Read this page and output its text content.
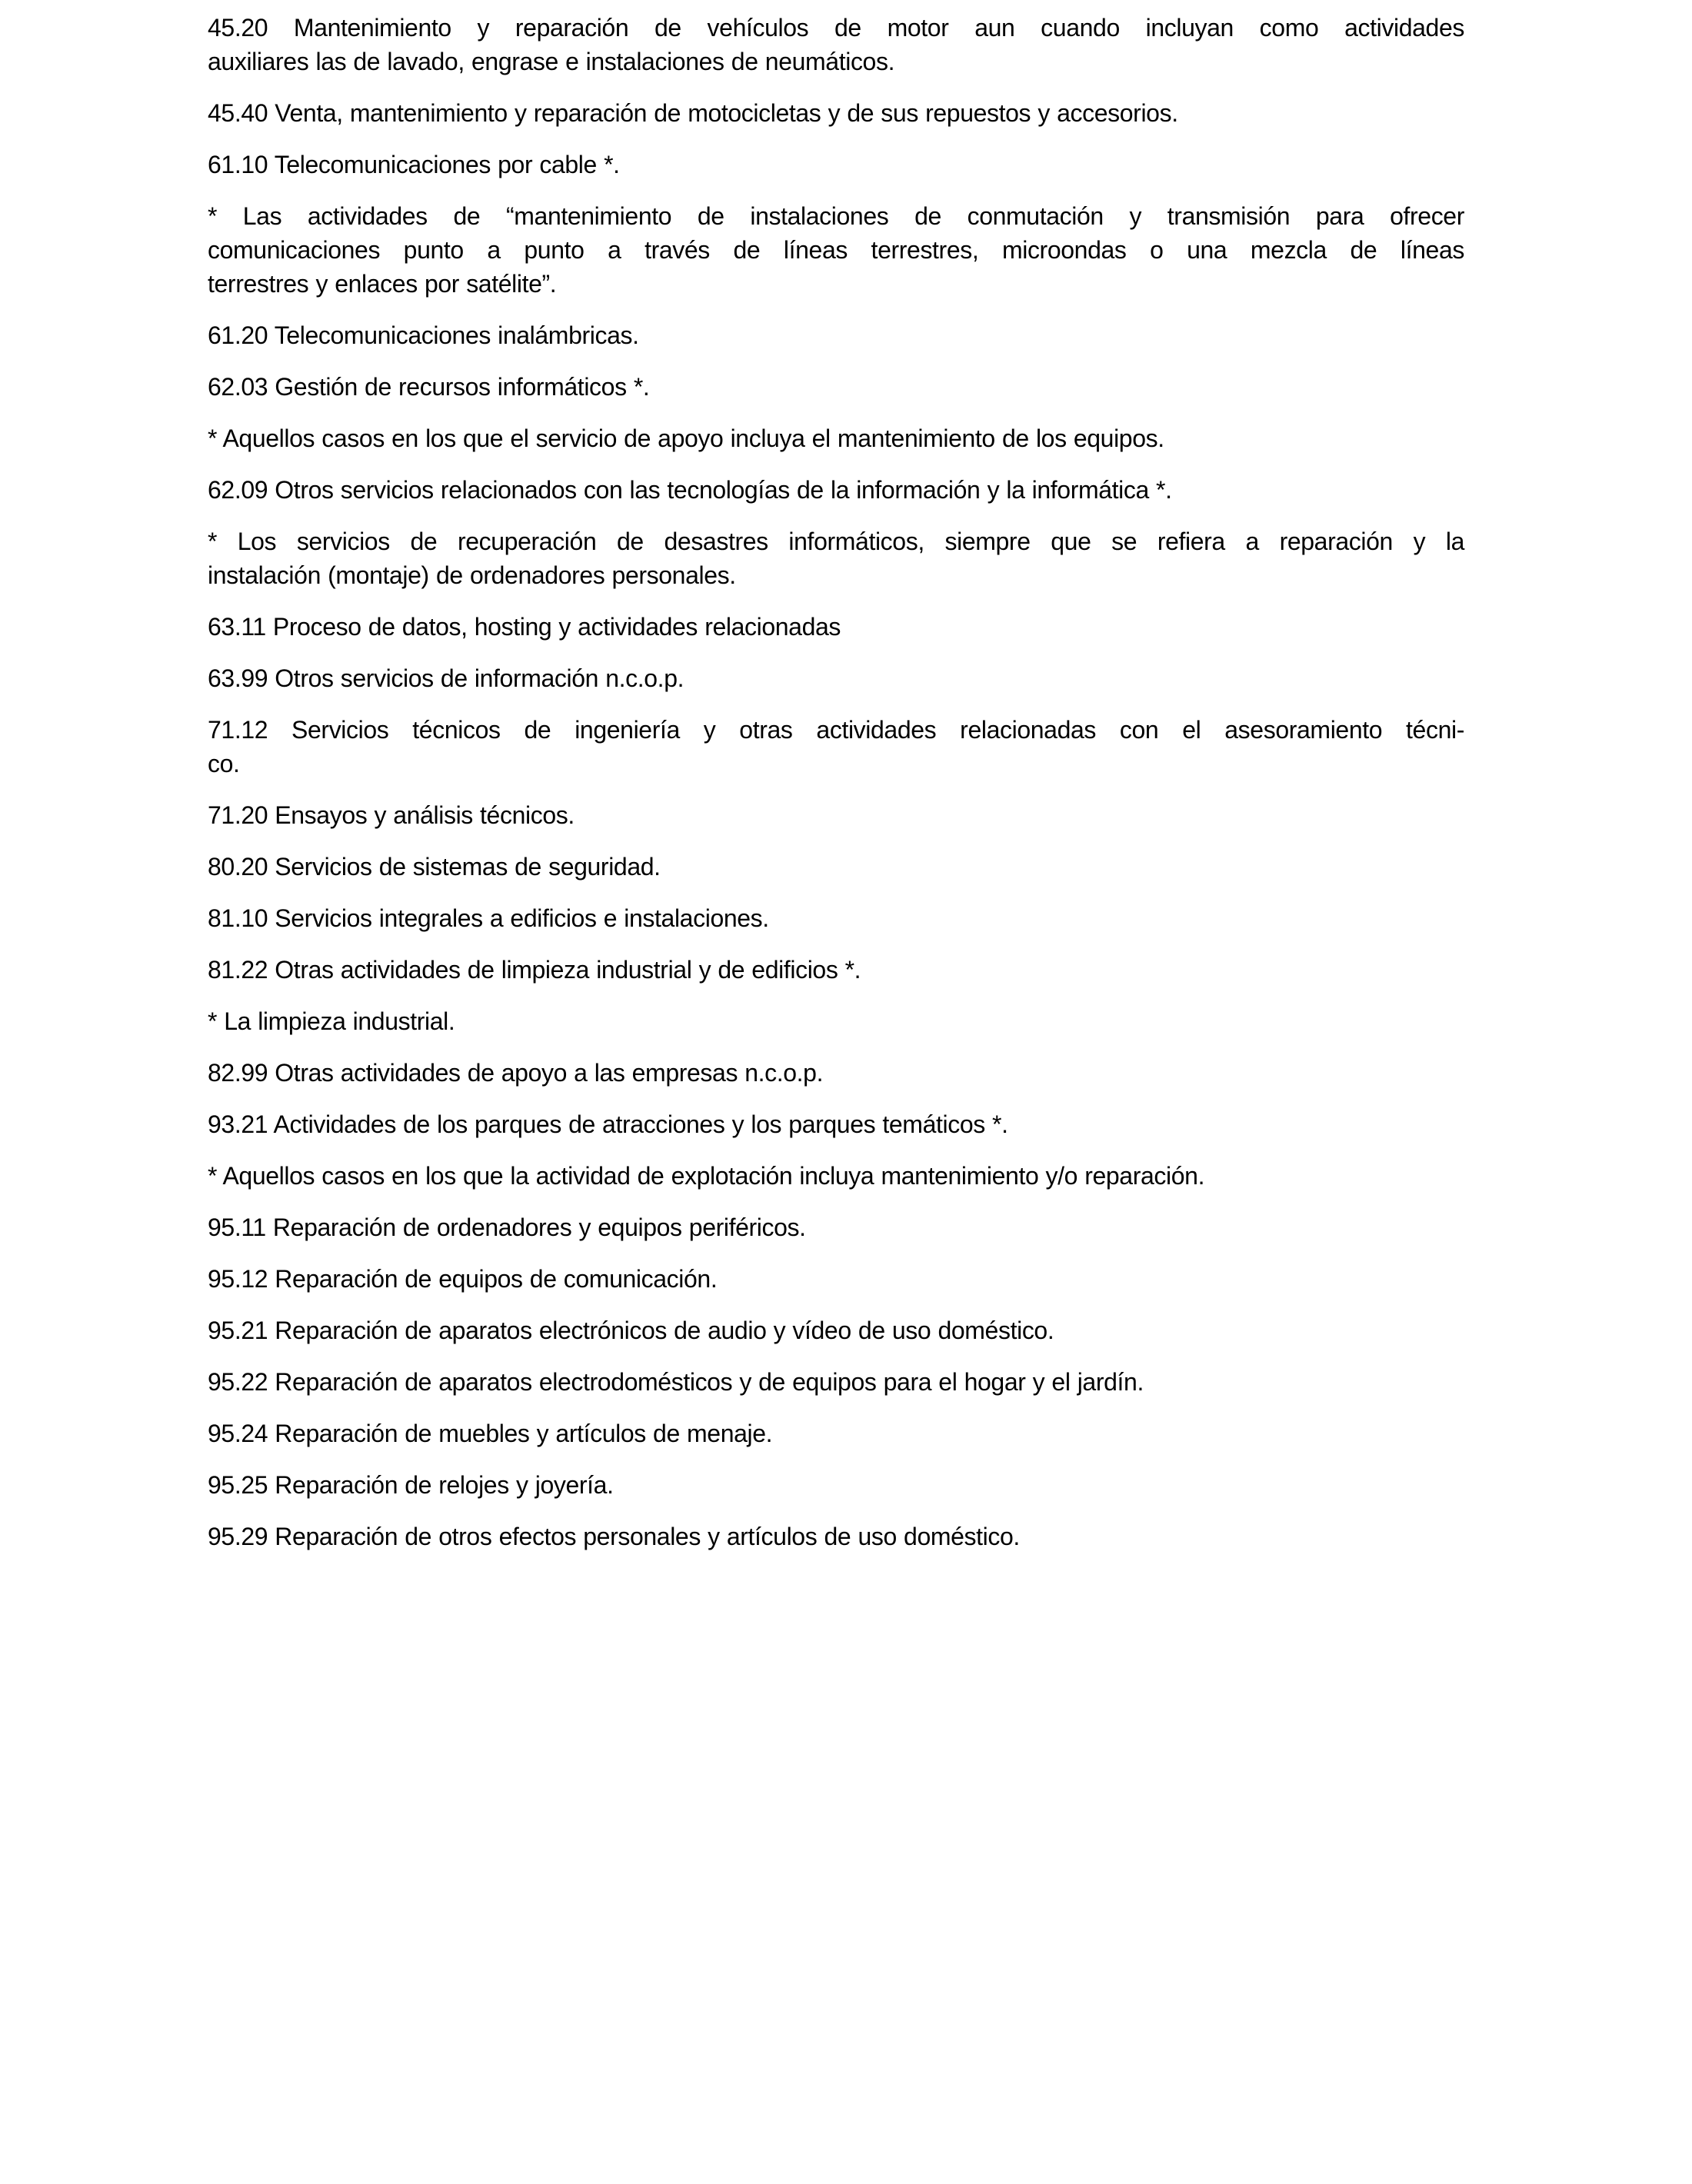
45.20 Mantenimiento y reparación de vehículos de motor aun cuando incluyan como actividades
auxiliares las de lavado, engrase e instalaciones de neumáticos.

45.40 Venta, mantenimiento y reparación de motocicletas y de sus repuestos y accesorios.

61.10 Telecomunicaciones por cable *.

* Las actividades de “mantenimiento de instalaciones de conmutación y transmisión para ofrecer
comunicaciones punto a punto a través de líneas terrestres, microondas o una mezcla de líneas
terrestres y enlaces por satélite”.

61.20 Telecomunicaciones inalámbricas.

62.03 Gestión de recursos informáticos *.

* Aquellos casos en los que el servicio de apoyo incluya el mantenimiento de los equipos.

62.09 Otros servicios relacionados con las tecnologías de la información y la informática *.

* Los servicios de recuperación de desastres informáticos, siempre que se refiera a reparación y la
instalación (montaje) de ordenadores personales.

63.11 Proceso de datos, hosting y actividades relacionadas

63.99 Otros servicios de información n.c.o.p.

71.12 Servicios técnicos de ingeniería y otras actividades relacionadas con el asesoramiento técni-
co.

71.20 Ensayos y análisis técnicos.

80.20 Servicios de sistemas de seguridad.

81.10 Servicios integrales a edificios e instalaciones.

81.22 Otras actividades de limpieza industrial y de edificios *.

* La limpieza industrial.

82.99 Otras actividades de apoyo a las empresas n.c.o.p.

93.21 Actividades de los parques de atracciones y los parques temáticos *.

* Aquellos casos en los que la actividad de explotación incluya mantenimiento y/o reparación.

95.11 Reparación de ordenadores y equipos periféricos.

95.12 Reparación de equipos de comunicación.

95.21 Reparación de aparatos electrónicos de audio y vídeo de uso doméstico.

95.22 Reparación de aparatos electrodomésticos y de equipos para el hogar y el jardín.

95.24 Reparación de muebles y artículos de menaje.

95.25 Reparación de relojes y joyería.

95.29 Reparación de otros efectos personales y artículos de uso doméstico.
